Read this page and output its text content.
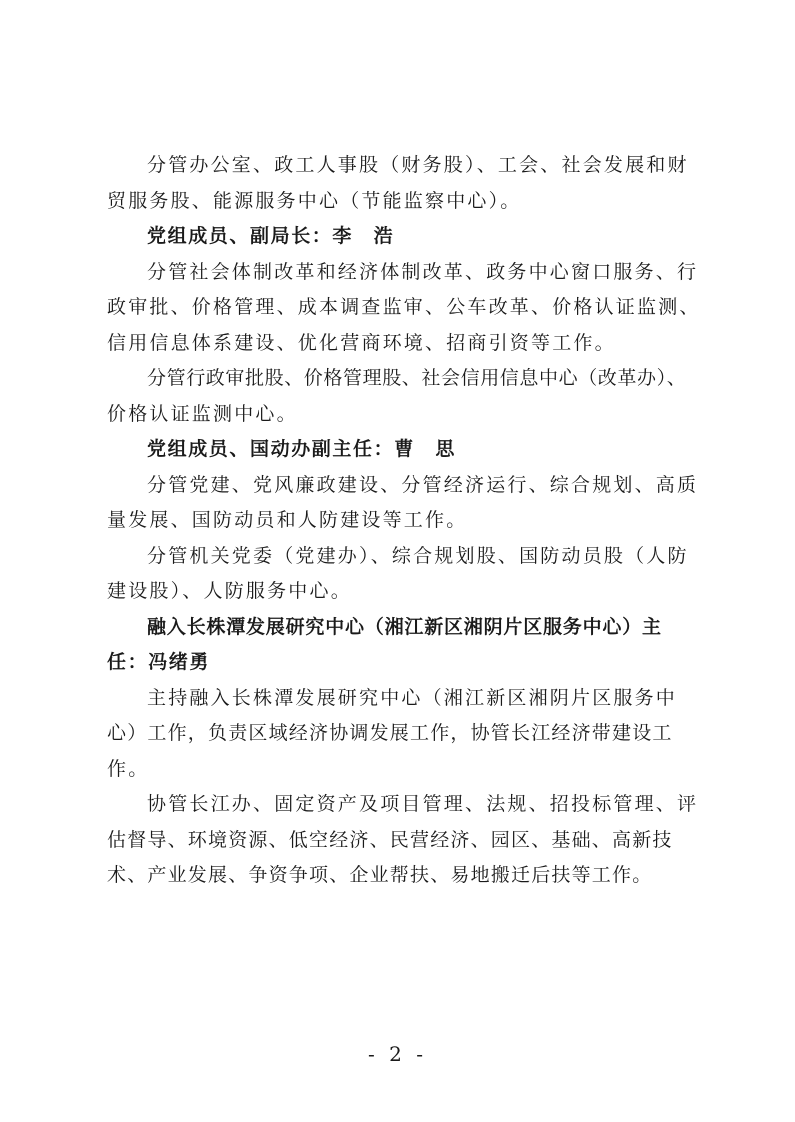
分管办公室、政工人事股（财务股）、工会、社会发展和财
贸服务股、能源服务中心（节能监察中心）。
党组成员、副局长：李　浩
分管社会体制改革和经济体制改革、政务中心窗口服务、行
政审批、价格管理、成本调查监审、公车改革、价格认证监测、
信用信息体系建设、优化营商环境、招商引资等工作。
分管行政审批股、价格管理股、社会信用信息中心（改革办）、
价格认证监测中心。
党组成员、国动办副主任：曹　思
分管党建、党风廉政建设、分管经济运行、综合规划、高质
量发展、国防动员和人防建设等工作。
分管机关党委（党建办）、综合规划股、国防动员股（人防
建设股）、人防服务中心。
融入长株潭发展研究中心（湘江新区湘阴片区服务中心）主
任：冯绪勇
主持融入长株潭发展研究中心（湘江新区湘阴片区服务中
心）工作，负责区域经济协调发展工作，协管长江经济带建设工
作。
协管长江办、固定资产及项目管理、法规、招投标管理、评
估督导、环境资源、低空经济、民营经济、园区、基础、高新技
术、产业发展、争资争项、企业帮扶、易地搬迁后扶等工作。
- 2 -
